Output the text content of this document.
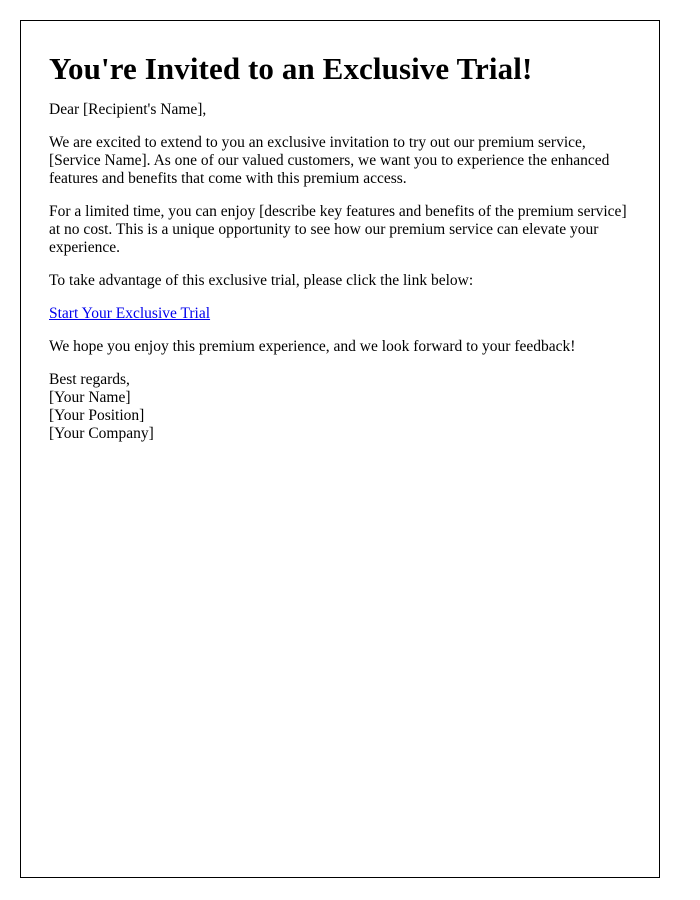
You're Invited to an Exclusive Trial!

Dear [Recipient's Name],

We are excited to extend to you an exclusive invitation to try out our premium service, [Service Name]. As one of our valued customers, we want you to experience the enhanced features and benefits that come with this premium access.

For a limited time, you can enjoy [describe key features and benefits of the premium service] at no cost. This is a unique opportunity to see how our premium service can elevate your experience.

To take advantage of this exclusive trial, please click the link below:

Start Your Exclusive Trial

We hope you enjoy this premium experience, and we look forward to your feedback!

Best regards,
[Your Name]
[Your Position]
[Your Company]
